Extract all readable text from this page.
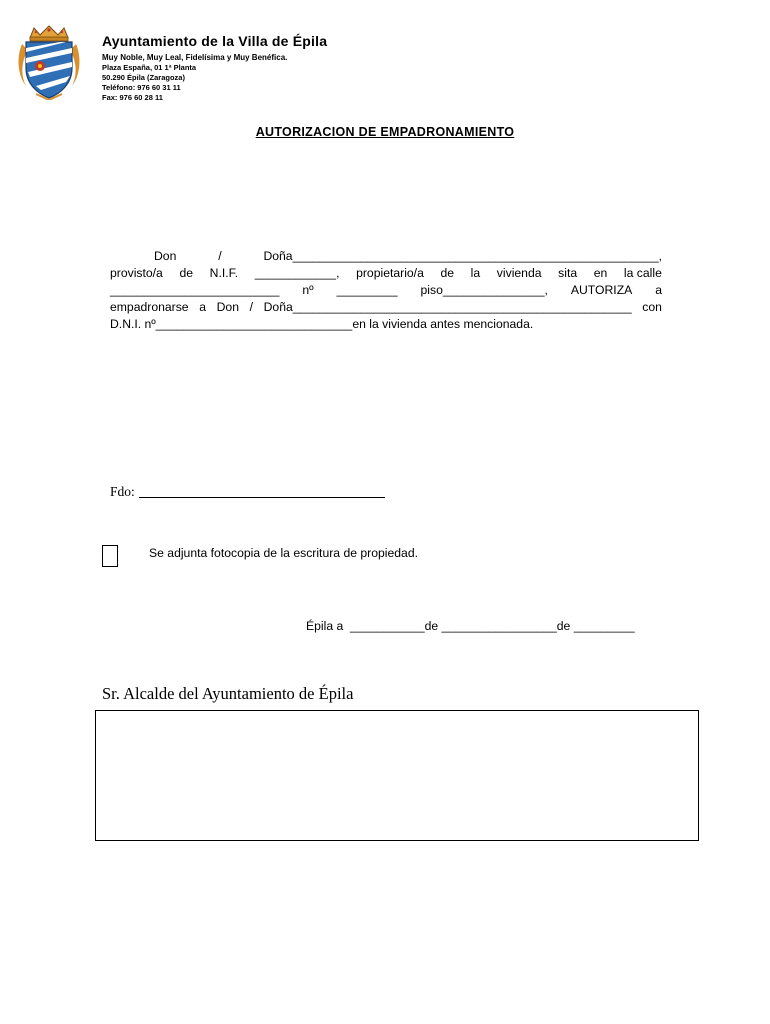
Ayuntamiento de la Villa de Épila

Muy Noble, Muy Leal, Fidelísima y Muy Benéfica.

Plaza España, 01 1ª Planta

50.290 Épila (Zaragoza)

Teléfono: 976 60 31 11

Fax: 976 60 28 11

AUTORIZACION DE EMPADRONAMIENTO
Don	/	Doña______________________________________________________,
provisto/a de N.I.F. ____________, propietario/a de la vivienda sita en la calle
_________________________ nº _________ piso_______________, AUTORIZA a
empadronarse a Don / Doña__________________________________________________ con
D.N.I. nº_____________________________en la vivienda antes mencionada.
Fdo:
Se adjunta fotocopia de la escritura de propiedad.
Épila a  ___________de _________________de _________
Sr. Alcalde del Ayuntamiento de Épila
